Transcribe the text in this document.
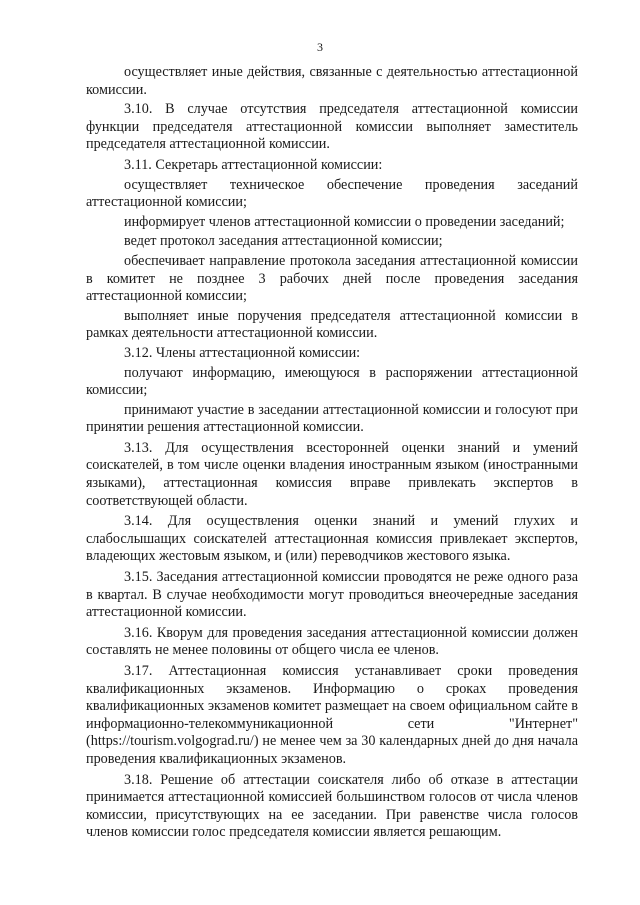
3

осуществляет иные действия, связанные с деятельностью аттестационной комиссии.

3.10. В случае отсутствия председателя аттестационной комиссии функции председателя аттестационной комиссии выполняет заместитель председателя аттестационной комиссии.

3.11. Секретарь аттестационной комиссии:

осуществляет техническое обеспечение проведения заседаний аттестационной комиссии;

информирует членов аттестационной комиссии о проведении заседаний;

ведет протокол заседания аттестационной комиссии;

обеспечивает направление протокола заседания аттестационной комиссии в комитет не позднее 3 рабочих дней после проведения заседания аттестационной комиссии;

выполняет иные поручения председателя аттестационной комиссии в рамках деятельности аттестационной комиссии.

3.12. Члены аттестационной комиссии:

получают информацию, имеющуюся в распоряжении аттестационной комиссии;

принимают участие в заседании аттестационной комиссии и голосуют при принятии решения аттестационной комиссии.

3.13. Для осуществления всесторонней оценки знаний и умений соискателей, в том числе оценки владения иностранным языком (иностранными языками), аттестационная комиссия вправе привлекать экспертов в соответствующей области.

3.14. Для осуществления оценки знаний и умений глухих и слабослышащих соискателей аттестационная комиссия привлекает экспертов, владеющих жестовым языком, и (или) переводчиков жестового языка.

3.15. Заседания аттестационной комиссии проводятся не реже одного раза в квартал. В случае необходимости могут проводиться внеочередные заседания аттестационной комиссии.

3.16. Кворум для проведения заседания аттестационной комиссии должен составлять не менее половины от общего числа ее членов.

3.17. Аттестационная комиссия устанавливает сроки проведения квалификационных экзаменов. Информацию о сроках проведения квалификационных экзаменов комитет размещает на своем официальном сайте в информационно-телекоммуникационной сети "Интернет" (https://tourism.volgograd.ru/) не менее чем за 30 календарных дней до дня начала проведения квалификационных экзаменов.

3.18. Решение об аттестации соискателя либо об отказе в аттестации принимается аттестационной комиссией большинством голосов от числа членов комиссии, присутствующих на ее заседании. При равенстве числа голосов членов комиссии голос председателя комиссии является решающим.
